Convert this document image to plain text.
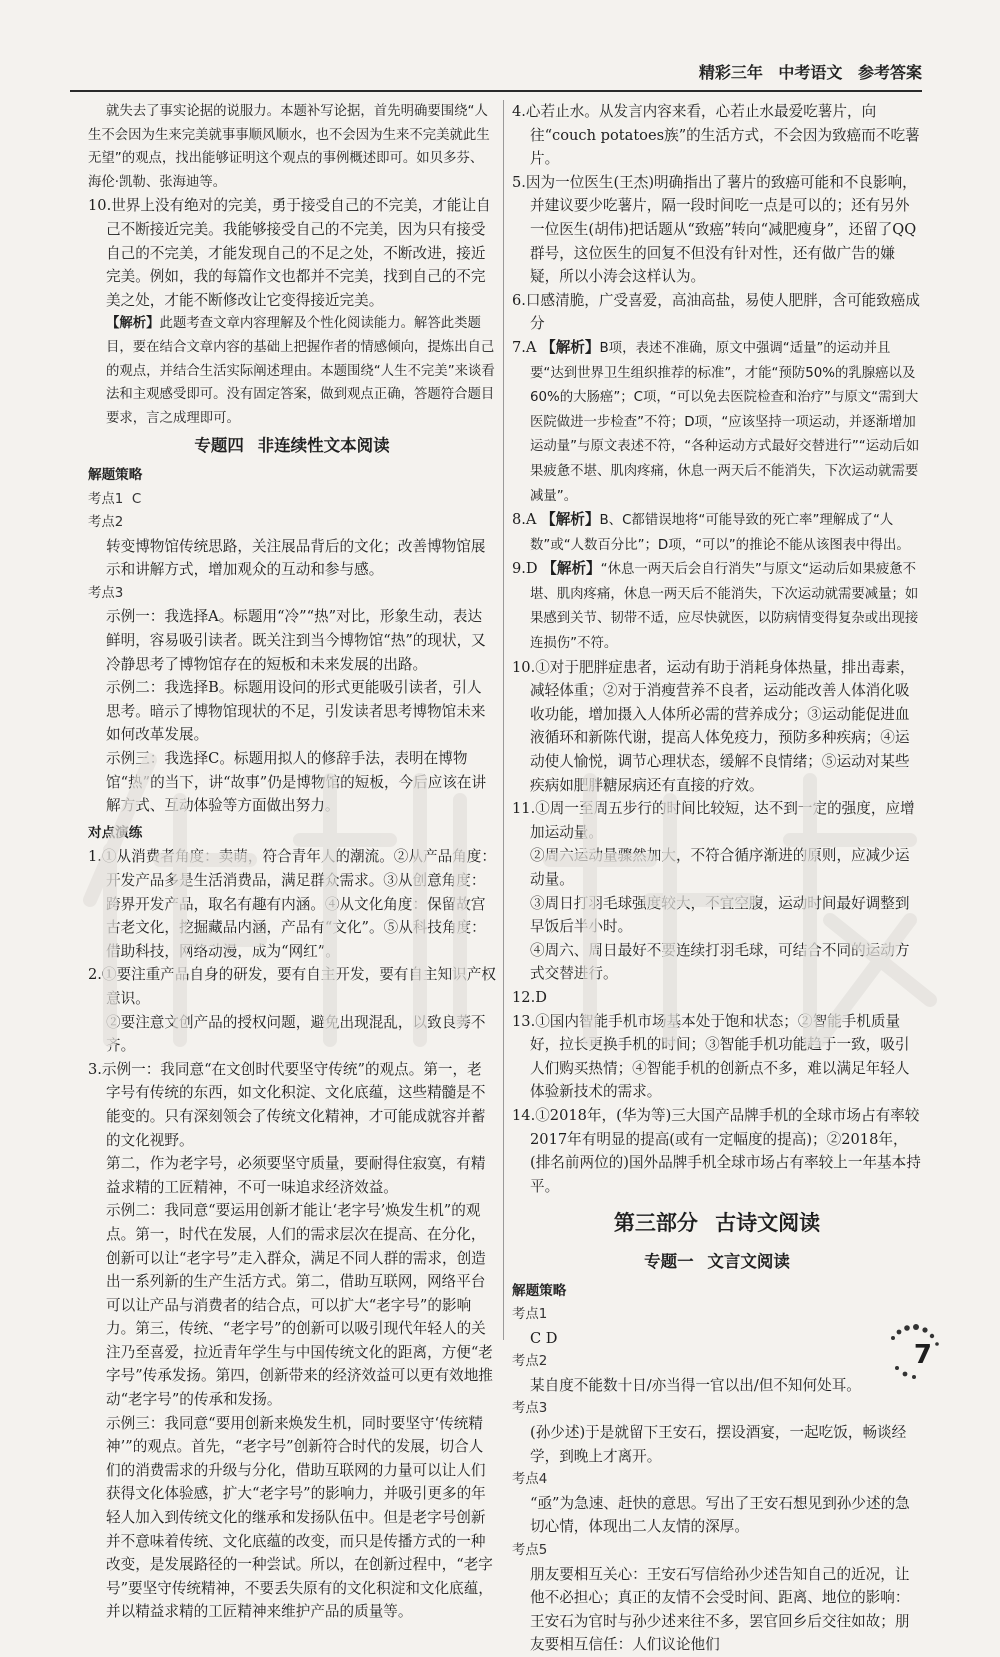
精彩三年 中考语文 参考答案

就失去了事实论据的说服力。本题补写论据，首先明确要围绕“人生不会因为生来完美就事事顺风顺水，也不会因为生来不完美就此生无望”的观点，找出能够证明这个观点的事例概述即可。如贝多芬、海伦·凯勒、张海迪等。

10.世界上没有绝对的完美，勇于接受自己的不完美，才能让自己不断接近完美。我能够接受自己的不完美，因为只有接受自己的不完美，才能发现自己的不足之处，不断改进，接近完美。例如，我的每篇作文也都并不完美，找到自己的不完美之处，才能不断修改让它变得接近完美。

【解析】此题考查文章内容理解及个性化阅读能力。解答此类题目，要在结合文章内容的基础上把握作者的情感倾向，提炼出自己的观点，并结合生活实际阐述理由。本题围绕“人生不完美”来谈看法和主观感受即可。没有固定答案，做到观点正确，答题符合题目要求，言之成理即可。

专题四 非连续性文本阅读
解题策略
考点1 C
考点2

转变博物馆传统思路，关注展品背后的文化；改善博物馆展示和讲解方式，增加观众的互动和参与感。

考点3

示例一：我选择A。标题用“冷”“热”对比，形象生动，表达鲜明，容易吸引读者。既关注到当今博物馆“热”的现状，又冷静思考了博物馆存在的短板和未来发展的出路。

示例二：我选择B。标题用设问的形式更能吸引读者，引人思考。暗示了博物馆现状的不足，引发读者思考博物馆未来如何改革发展。

示例三：我选择C。标题用拟人的修辞手法，表明在博物馆“热”的当下，讲“故事”仍是博物馆的短板，今后应该在讲解方式、互动体验等方面做出努力。

对点演练

1.①从消费者角度：卖萌，符合青年人的潮流。②从产品角度：开发产品多是生活消费品，满足群众需求。③从创意角度：跨界开发产品，取名有趣有内涵。④从文化角度：保留故宫古老文化，挖掘藏品内涵，产品有“文化”。⑤从科技角度：借助科技，网络动漫，成为“网红”。

2.①要注重产品自身的研发，要有自主开发，要有自主知识产权意识。

②要注意文创产品的授权问题，避免出现混乱，以致良莠不齐。

3.示例一：我同意“在文创时代要坚守传统”的观点。第一，老字号有传统的东西，如文化积淀、文化底蕴，这些精髓是不能变的。只有深刻领会了传统文化精神，才可能成就容并蓄的文化视野。

第二，作为老字号，必须要坚守质量，要耐得住寂寞，有精益求精的工匠精神，不可一味追求经济效益。

示例二：我同意“要运用创新才能让‘老字号’焕发生机”的观点。第一，时代在发展，人们的需求层次在提高、在分化，创新可以让“老字号”走入群众，满足不同人群的需求，创造出一系列新的生产生活方式。第二，借助互联网，网络平台可以让产品与消费者的结合点，可以扩大“老字号”的影响力。第三，传统、“老字号”的创新可以吸引现代年轻人的关注乃至喜爱，拉近青年学生与中国传统文化的距离，方便“老字号”传承发扬。第四，创新带来的经济效益可以更有效地推动“老字号”的传承和发扬。

示例三：我同意“要用创新来焕发生机，同时要坚守‘传统精神’”的观点。首先，“老字号”创新符合时代的发展，切合人们的消费需求的升级与分化，借助互联网的力量可以让人们获得文化体验感，扩大“老字号”的影响力，并吸引更多的年轻人加入到传统文化的继承和发扬队伍中。但是老字号创新并不意味着传统、文化底蕴的改变，而只是传播方式的一种改变，是发展路径的一种尝试。所以，在创新过程中，“老字号”要坚守传统精神，不要丢失原有的文化积淀和文化底蕴，并以精益求精的工匠精神来维护产品的质量等。

4.心若止水。从发言内容来看，心若止水最爱吃薯片，向往“couch potatoes族”的生活方式，不会因为致癌而不吃薯片。

5.因为一位医生(王杰)明确指出了薯片的致癌可能和不良影响，并建议要少吃薯片，隔一段时间吃一点是可以的；还有另外一位医生(胡伟)把话题从“致癌”转向“减肥瘦身”，还留了QQ群号，这位医生的回复不但没有针对性，还有做广告的嫌疑，所以小涛会这样认为。

6.口感清脆，广受喜爱，高油高盐，易使人肥胖，含可能致癌成分

7.A 【解析】B项，表述不准确，原文中强调“适量”的运动并且要“达到世界卫生组织推荐的标准”，才能“预防50%的乳腺癌以及60%的大肠癌”；C项，“可以免去医院检查和治疗”与原文“需到大医院做进一步检查”不符；D项，“应该坚持一项运动，并逐渐增加运动量”与原文表述不符，“各种运动方式最好交替进行”“运动后如果疲惫不堪、肌肉疼痛，休息一两天后不能消失，下次运动就需要减量”。

8.A 【解析】B、C都错误地将“可能导致的死亡率”理解成了“人数”或“人数百分比”；D项，“可以”的推论不能从该图表中得出。

9.D 【解析】“休息一两天后会自行消失”与原文“运动后如果疲惫不堪、肌肉疼痛，休息一两天后不能消失，下次运动就需要减量；如果感到关节、韧带不适，应尽快就医，以防病情变得复杂或出现接连损伤”不符。

10.①对于肥胖症患者，运动有助于消耗身体热量，排出毒素，减轻体重；②对于消瘦营养不良者，运动能改善人体消化吸收功能，增加摄入人体所必需的营养成分；③运动能促进血液循环和新陈代谢，提高人体免疫力，预防多种疾病；④运动使人愉悦，调节心理状态，缓解不良情绪；⑤运动对某些疾病如肥胖糖尿病还有直接的疗效。

11.①周一至周五步行的时间比较短，达不到一定的强度，应增加运动量。

②周六运动量骤然加大，不符合循序渐进的原则，应减少运动量。

③周日打羽毛球强度较大，不宜空腹，运动时间最好调整到早饭后半小时。

④周六、周日最好不要连续打羽毛球，可结合不同的运动方式交替进行。

12.D

13.①国内智能手机市场基本处于饱和状态；②智能手机质量好，拉长更换手机的时间；③智能手机功能趋于一致，吸引人们购买热情；④智能手机的创新点不多，难以满足年轻人体验新技术的需求。

14.①2018年，(华为等)三大国产品牌手机的全球市场占有率较2017年有明显的提高(或有一定幅度的提高)；②2018年，(排名前两位的)国外品牌手机全球市场占有率较上一年基本持平。

第三部分 古诗文阅读
专题一 文言文阅读
解题策略
考点1

C D

考点2

某自度不能数十日/亦当得一官以出/但不知何处耳。

考点3

(孙少述)于是就留下王安石，摆设酒宴，一起吃饭，畅谈经学，到晚上才离开。

考点4

“亟”为急速、赶快的意思。写出了王安石想见到孙少述的急切心情，体现出二人友情的深厚。

考点5

朋友要相互关心：王安石写信给孙少述告知自己的近况，让他不必担心；真正的友情不会受时间、距离、地位的影响：王安石为官时与孙少述来往不多，罢官回乡后交往如故；朋友要相互信任：人们议论他们

7
